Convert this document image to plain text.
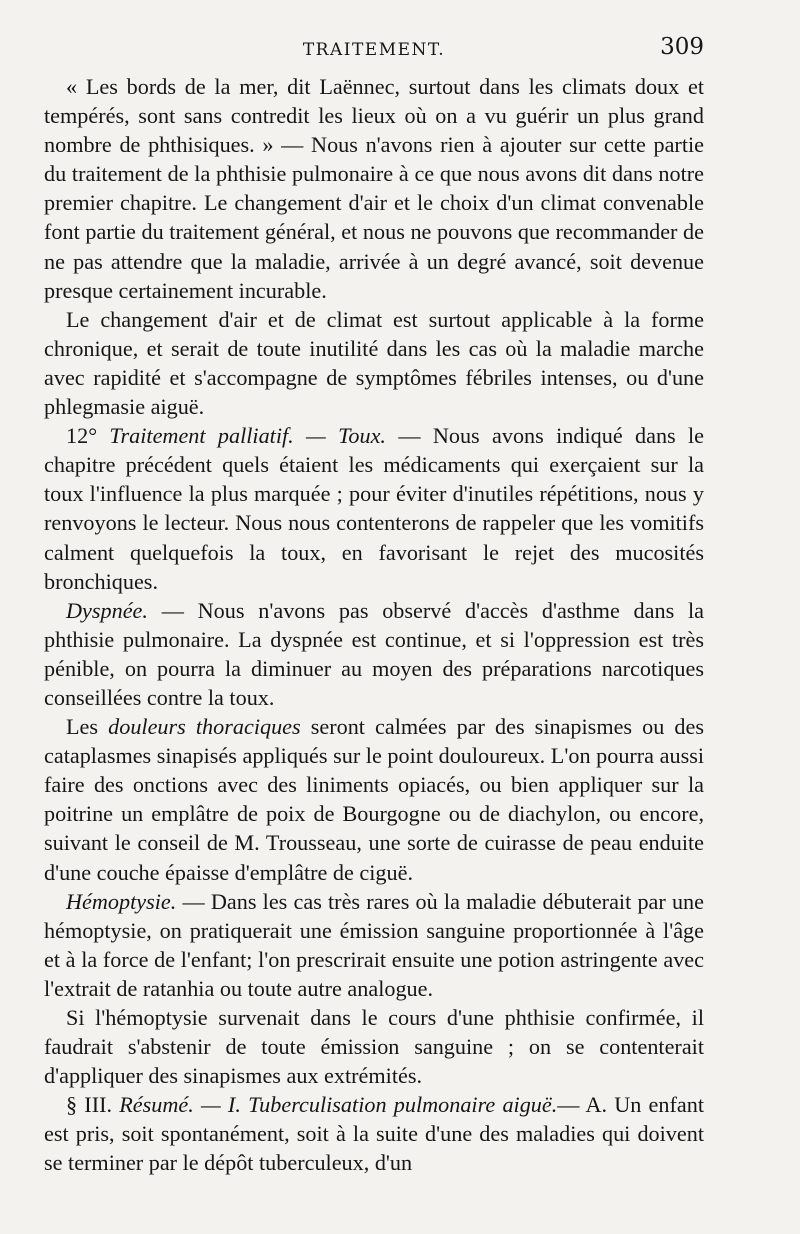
TRAITEMENT.	309

« Les bords de la mer, dit Laënnec, surtout dans les climats doux et tempérés, sont sans contredit les lieux où on a vu guérir un plus grand nombre de phthisiques. » — Nous n'avons rien à ajouter sur cette partie du traitement de la phthisie pulmonaire à ce que nous avons dit dans notre premier chapitre. Le changement d'air et le choix d'un climat convenable font partie du traitement général, et nous ne pouvons que recommander de ne pas attendre que la maladie, arrivée à un degré avancé, soit devenue presque certainement incurable.

Le changement d'air et de climat est surtout applicable à la forme chronique, et serait de toute inutilité dans les cas où la maladie marche avec rapidité et s'accompagne de symptômes fébriles intenses, ou d'une phlegmasie aiguë.

12° Traitement palliatif. — Toux. — Nous avons indiqué dans le chapitre précédent quels étaient les médicaments qui exerçaient sur la toux l'influence la plus marquée ; pour éviter d'inutiles répétitions, nous y renvoyons le lecteur. Nous nous contenterons de rappeler que les vomitifs calment quelquefois la toux, en favorisant le rejet des mucosités bronchiques.

Dyspnée. — Nous n'avons pas observé d'accès d'asthme dans la phthisie pulmonaire. La dyspnée est continue, et si l'oppression est très pénible, on pourra la diminuer au moyen des préparations narcotiques conseillées contre la toux.

Les douleurs thoraciques seront calmées par des sinapismes ou des cataplasmes sinapisés appliqués sur le point douloureux. L'on pourra aussi faire des onctions avec des liniments opiacés, ou bien appliquer sur la poitrine un emplâtre de poix de Bourgogne ou de diachylon, ou encore, suivant le conseil de M. Trousseau, une sorte de cuirasse de peau enduite d'une couche épaisse d'emplâtre de ciguë.

Hémoptysie. — Dans les cas très rares où la maladie débuterait par une hémoptysie, on pratiquerait une émission sanguine proportionnée à l'âge et à la force de l'enfant; l'on prescrirait ensuite une potion astringente avec l'extrait de ratanhia ou toute autre analogue.

Si l'hémoptysie survenait dans le cours d'une phthisie confirmée, il faudrait s'abstenir de toute émission sanguine ; on se contenterait d'appliquer des sinapismes aux extrémités.

§ III. Résumé. — I. Tuberculisation pulmonaire aiguë.— A. Un enfant est pris, soit spontanément, soit à la suite d'une des maladies qui doivent se terminer par le dépôt tuberculeux, d'un
